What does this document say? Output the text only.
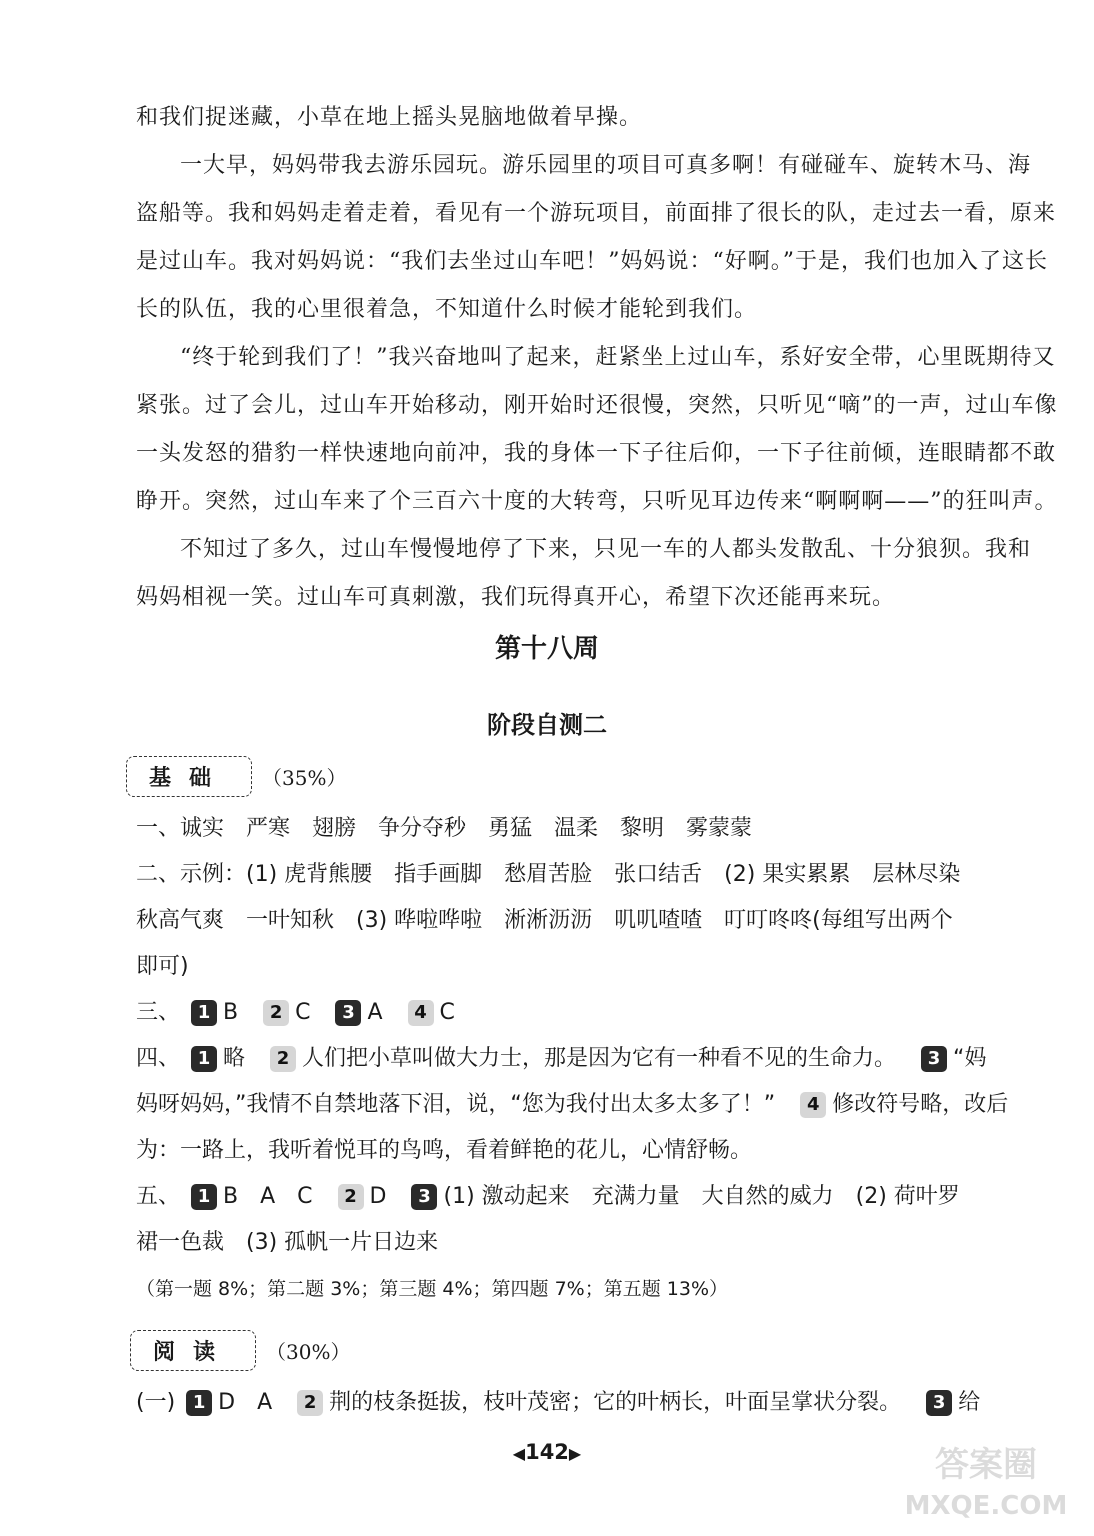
和我们捉迷藏，小草在地上摇头晃脑地做着早操。

一大早，妈妈带我去游乐园玩。游乐园里的项目可真多啊！有碰碰车、旋转木马、海

盗船等。我和妈妈走着走着，看见有一个游玩项目，前面排了很长的队，走过去一看，原来

是过山车。我对妈妈说：“我们去坐过山车吧！”妈妈说：“好啊。”于是，我们也加入了这长

长的队伍，我的心里很着急，不知道什么时候才能轮到我们。

“终于轮到我们了！”我兴奋地叫了起来，赶紧坐上过山车，系好安全带，心里既期待又

紧张。过了会儿，过山车开始移动，刚开始时还很慢，突然，只听见“嘀”的一声，过山车像

一头发怒的猎豹一样快速地向前冲，我的身体一下子往后仰，一下子往前倾，连眼睛都不敢

睁开。突然，过山车来了个三百六十度的大转弯，只听见耳边传来“啊啊啊——”的狂叫声。

不知过了多久，过山车慢慢地停了下来，只见一车的人都头发散乱、十分狼狈。我和

妈妈相视一笑。过山车可真刺激，我们玩得真开心，希望下次还能再来玩。

第十八周
阶段自测二
基础	（35%）

一、诚实　严寒　翅膀　争分夺秒　勇猛　温柔　黎明　雾蒙蒙

二、示例：(1) 虎背熊腰　指手画脚　愁眉苦脸　张口结舌　(2) 果实累累　层林尽染

秋高气爽　一叶知秋　(3) 哗啦哗啦　淅淅沥沥　叽叽喳喳　叮叮咚咚(每组写出两个

即可)

三、 1 B 2 C 3 A 4 C

四、 1 略 2 人们把小草叫做大力士，那是因为它有一种看不见的生命力。 3 “妈

妈呀妈妈，”我情不自禁地落下泪，说，“您为我付出太多太多了！” 4 修改符号略，改后

为：一路上，我听着悦耳的鸟鸣，看着鲜艳的花儿，心情舒畅。

五、 1 B　A　C 2 D 3 (1) 激动起来　充满力量　大自然的威力　(2) 荷叶罗

裙一色裁　(3) 孤帆一片日边来

（第一题 8%；第二题 3%；第三题 4%；第四题 7%；第五题 13%）

阅读	（30%）

(一) 1 D　A 2 荆的枝条挺拔，枝叶茂密；它的叶柄长，叶面呈掌状分裂。 3 给

◀142▶	答案圈
MXQE.COM
